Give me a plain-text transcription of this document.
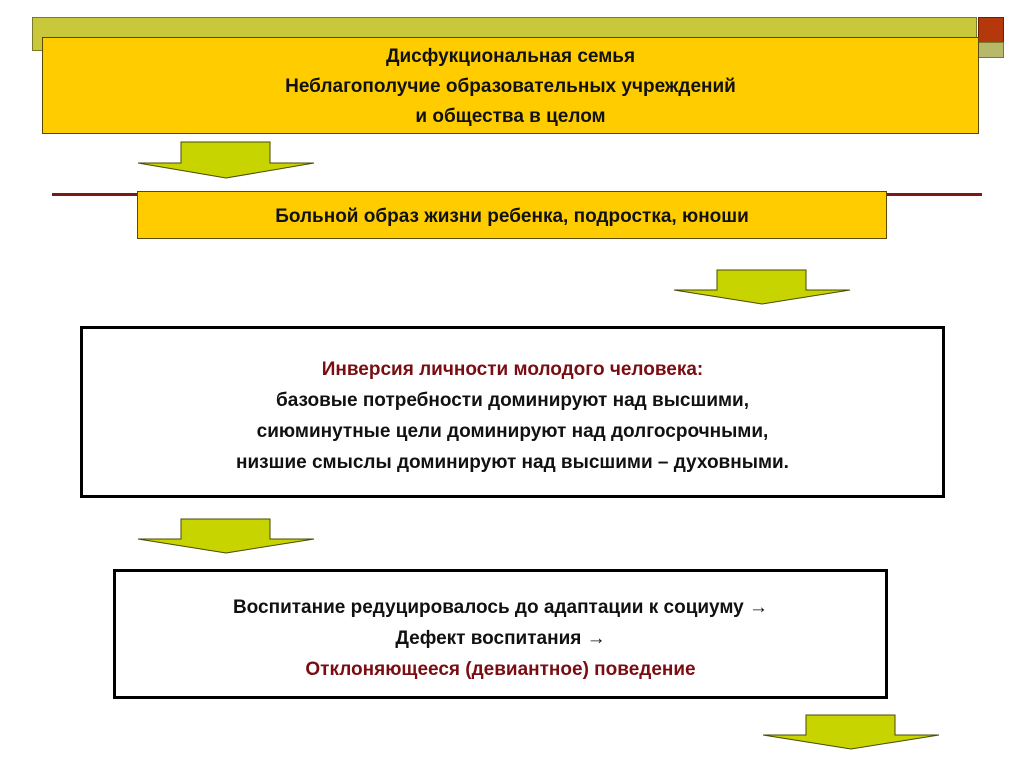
Дисфукциональная семья
Неблагополучие образовательных учреждений
и общества в целом
Больной образ жизни ребенка, подростка, юноши
Инверсия личности молодого человека:
базовые потребности доминируют над высшими,
сиюминутные цели доминируют над долгосрочными,
низшие смыслы доминируют над высшими – духовными.
Воспитание редуцировалось до адаптации к социуму →
Дефект воспитания →
Отклоняющееся (девиантное) поведение
